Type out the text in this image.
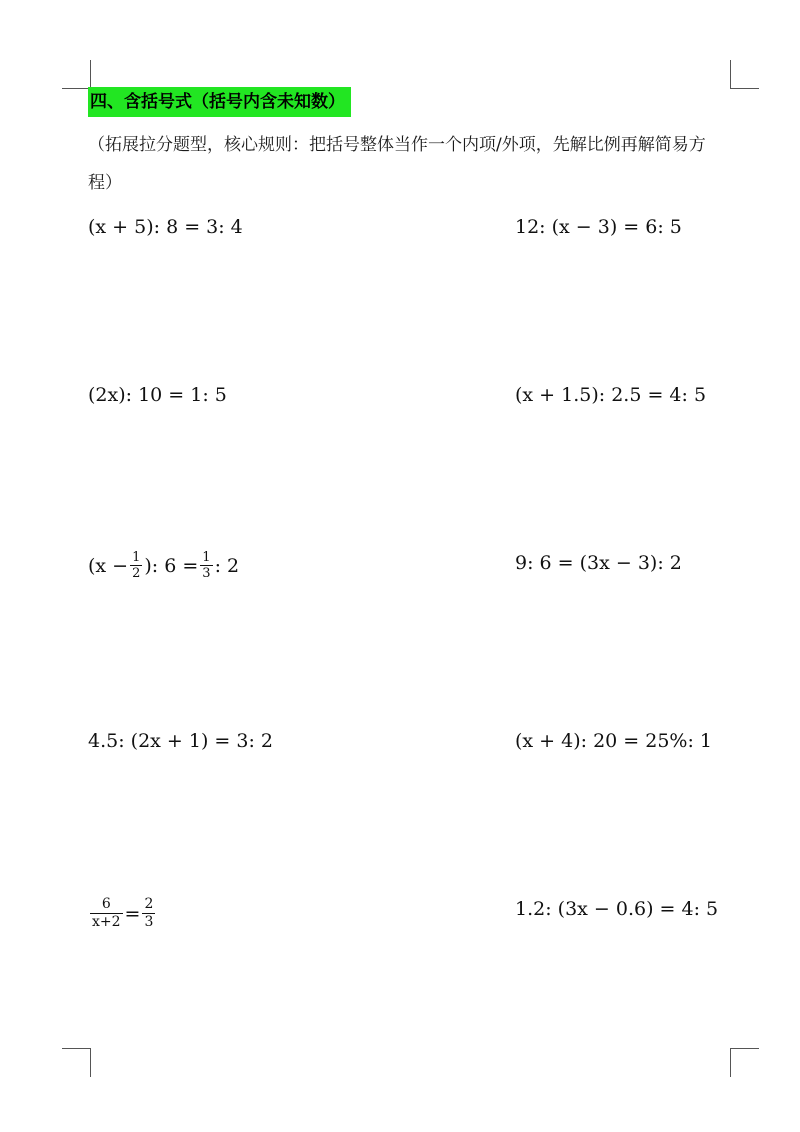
四、含括号式（括号内含未知数）
（拓展拉分题型，核心规则：把括号整体当作一个内项/外项，先解比例再解简易方程）
(x + 5): 8 = 3: 4	12: (x − 3) = 6: 5
(2x): 10 = 1: 5	(x + 1.5): 2.5 = 4: 5
($x - \frac{1}{2}$ ): $6 = \frac{1}{3}$ : 2	9: 6 = (3x − 3): 2
4.5: (2x + 1) = 3: 2	(x + 4): 20 = 25%: 1
$\frac{6}{x+2} = \frac{2}{3}$	1.2: (3x − 0.6) = 4: 5
